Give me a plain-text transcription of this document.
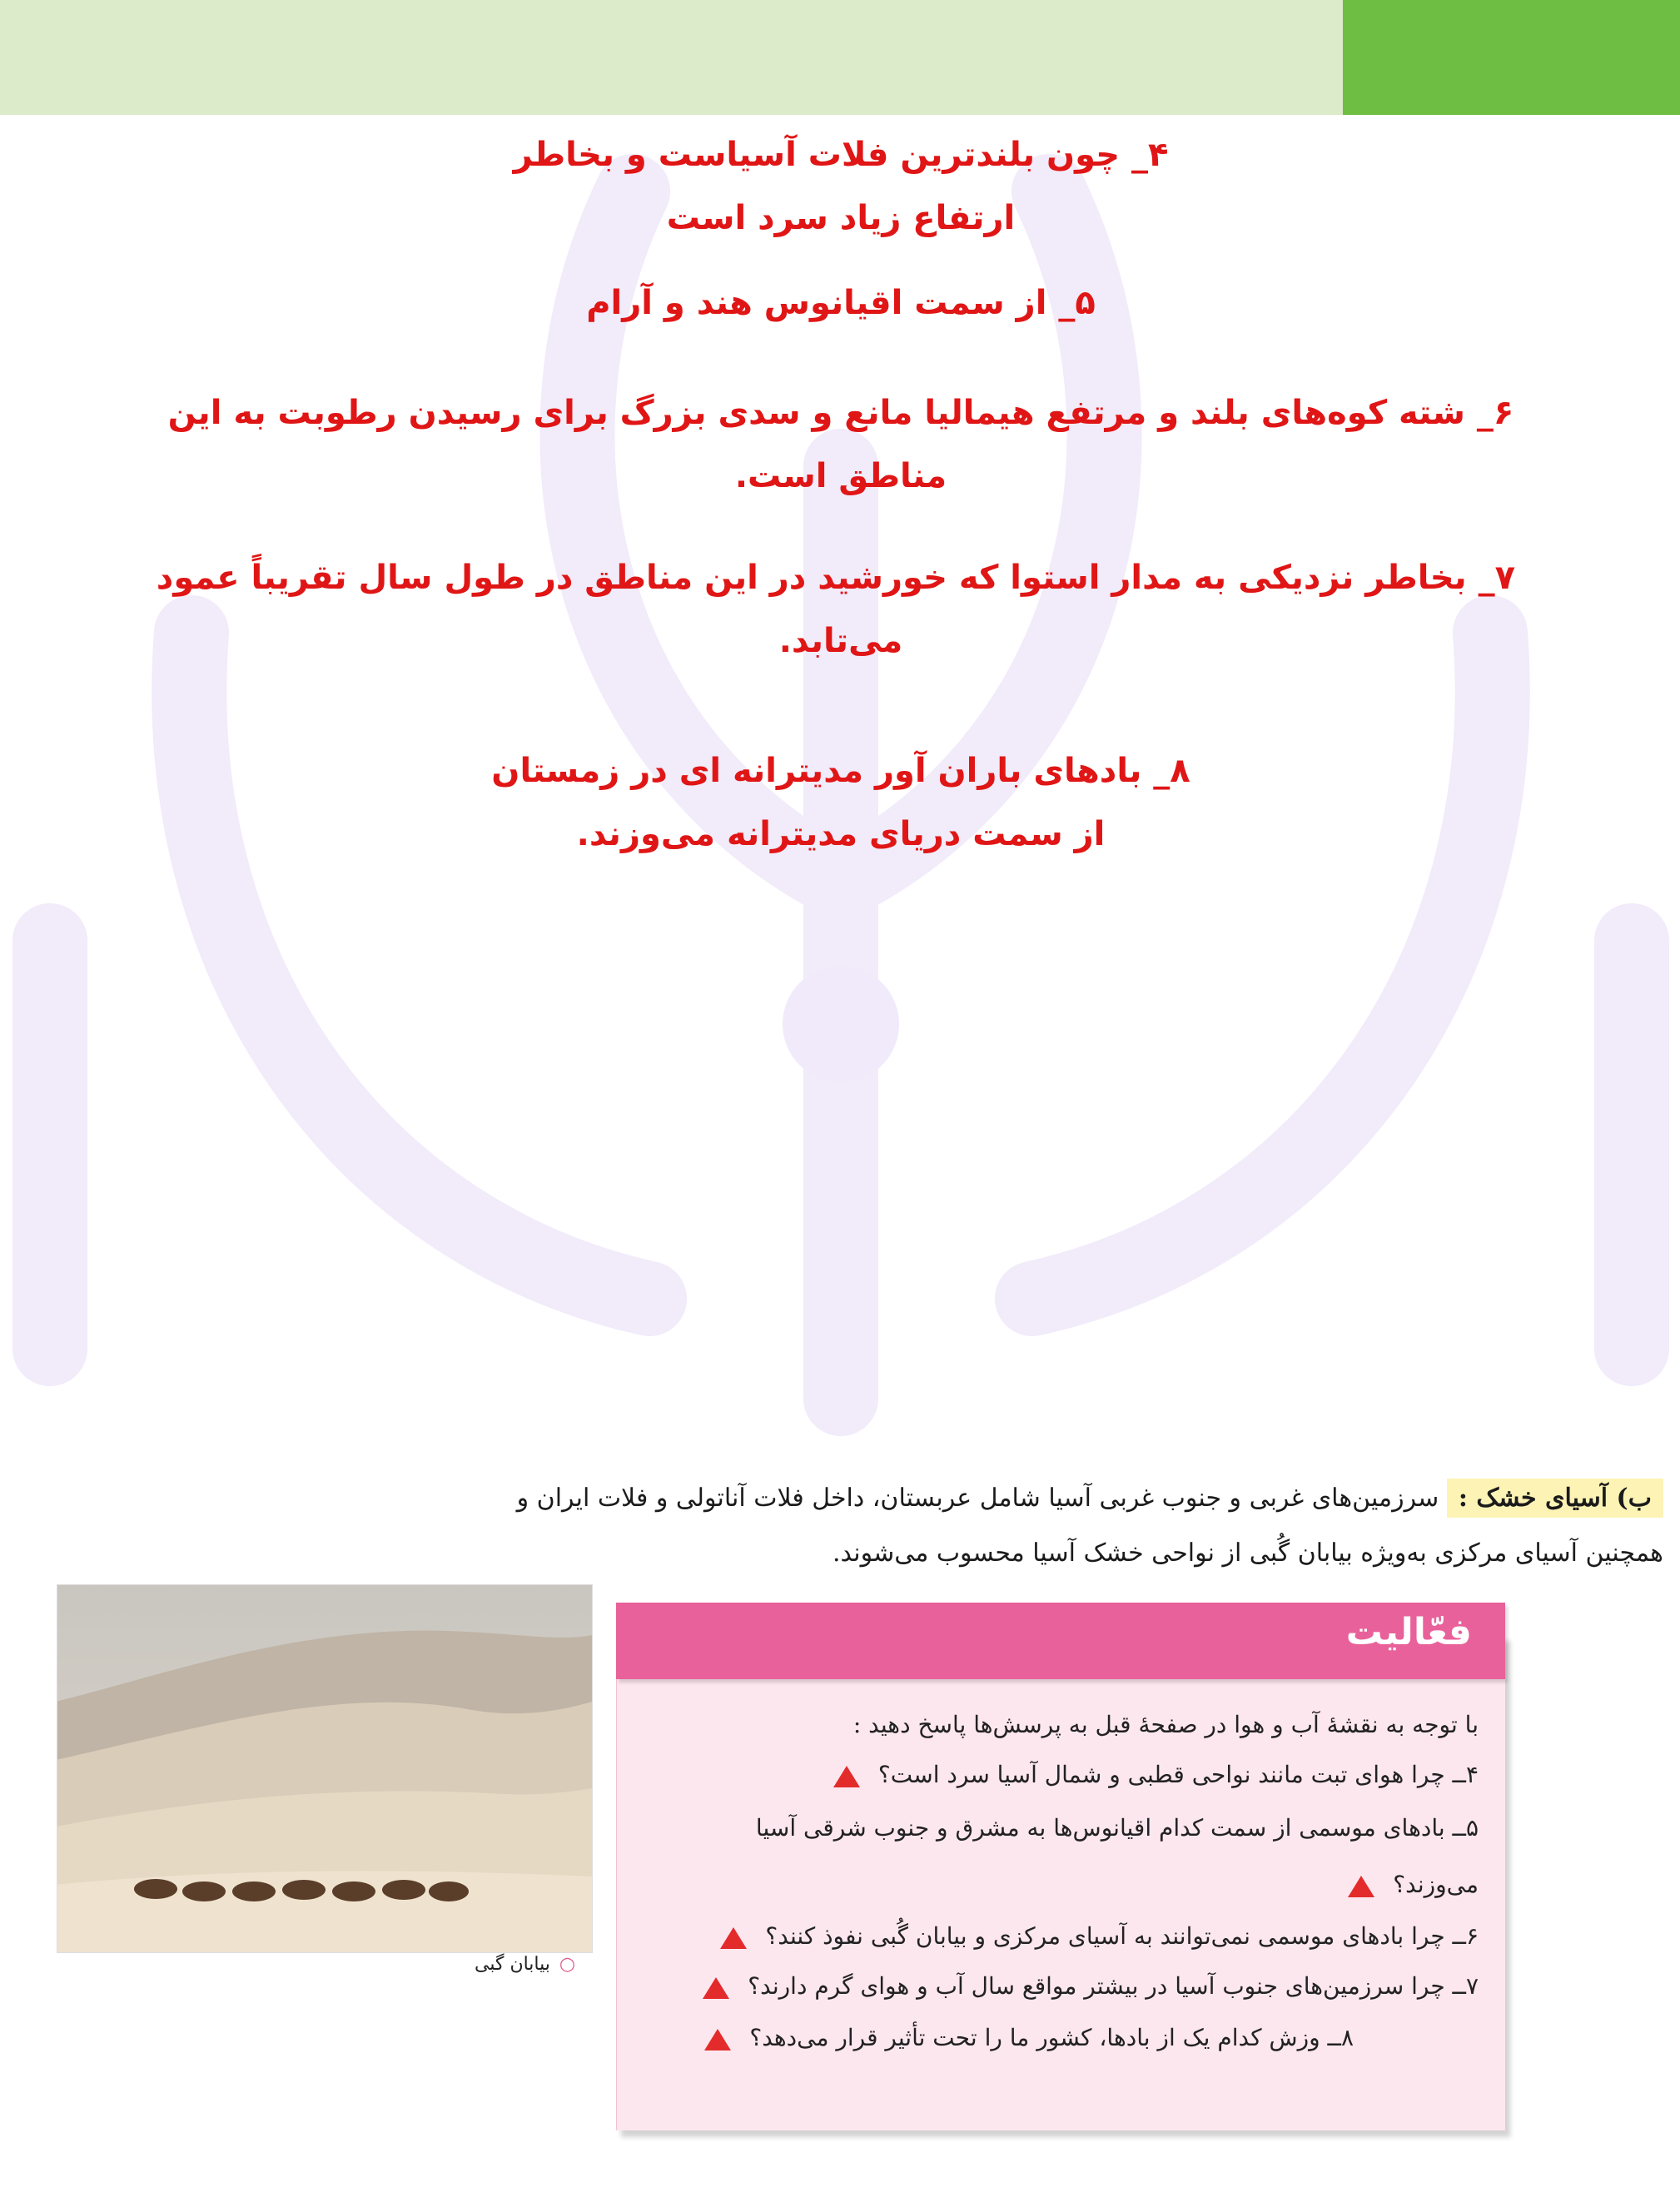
۴_ چون بلندترین فلات آسیاست و بخاطر
ارتفاع زیاد سرد است
۵_ از سمت اقیانوس هند و آرام
۶_ شته کوه‌های بلند و مرتفع هیمالیا مانع و سدی بزرگ برای رسیدن رطوبت به این
مناطق است.
۷_ بخاطر نزدیکی به مدار استوا که خورشید در این مناطق در طول سال تقریباً عمود
می‌تابد.
۸_ بادهای باران آور مدیترانه ای در زمستان
از سمت دریای مدیترانه می‌وزند.

ب) آسیای خشک : سرزمین‌های غربی و جنوب غربی آسیا شامل عربستان، داخل فلات آناتولی و فلات ایران و

همچنین آسیای مرکزی به‌ویژه بیابان گُبی از نواحی خشک آسیا محسوب می‌شوند.

○ بیابان گبی
فعّالیت
با توجه به نقشهٔ آب و هوا در صفحهٔ قبل به پرسش‌ها پاسخ دهید :
۴ــ چرا هوای تبت مانند نواحی قطبی و شمال آسیا سرد است؟
۵ــ بادهای موسمی از سمت کدام اقیانوس‌ها به مشرق و جنوب شرقی آسیا
می‌وزند؟
۶ــ چرا بادهای موسمی نمی‌توانند به آسیای مرکزی و بیابان گُبی نفوذ کنند؟
۷ــ چرا سرزمین‌های جنوب آسیا در بیشتر مواقع سال آب و هوای گرم دارند؟
۸ــ وزش کدام یک از بادها، کشور ما را تحت تأثیر قرار می‌دهد؟
